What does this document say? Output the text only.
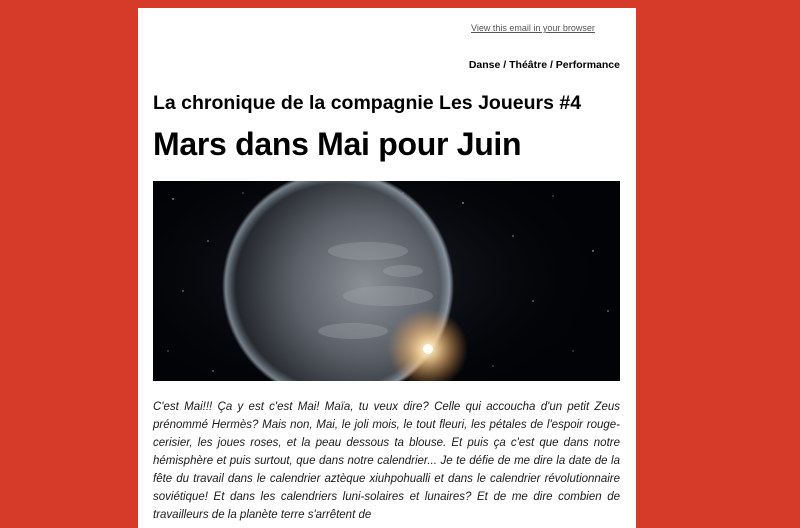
View this email in your browser
Danse / Théâtre / Performance
La chronique de la compagnie Les Joueurs #4
Mars dans Mai pour Juin
C'est Mai!!! Ça y est c'est Mai! Maïa, tu veux dire? Celle qui accoucha d'un petit Zeus prénommé Hermès? Mais non, Mai, le joli mois, le tout fleuri, les pétales de l'espoir rouge-cerisier, les joues roses, et la peau dessous ta blouse. Et puis ça c'est que dans notre hémisphère et puis surtout, que dans notre calendrier... Je te défie de me dire la date de la fête du travail dans le calendrier aztèque xiuhpohualli et dans le calendrier révolutionnaire soviétique! Et dans les calendriers luni-solaires et lunaires? Et de me dire combien de travailleurs de la planète terre s'arrêtent de
